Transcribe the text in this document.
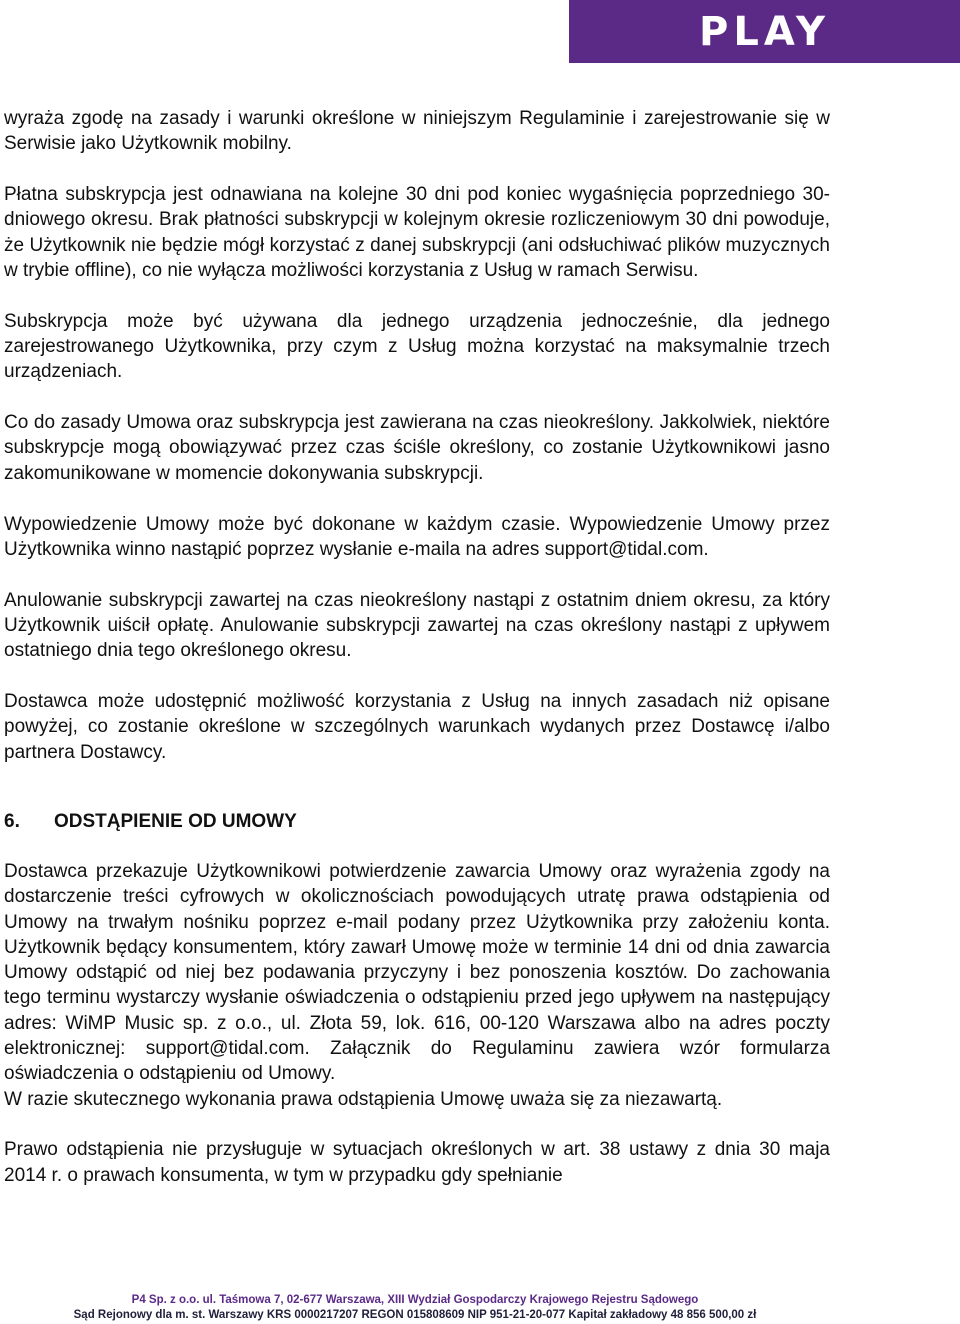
PLAY

wyraża zgodę na zasady i warunki określone w niniejszym Regulaminie i zarejestrowanie się w Serwisie jako Użytkownik mobilny.

Płatna subskrypcja jest odnawiana na kolejne 30 dni pod koniec wygaśnięcia poprzedniego 30-dniowego okresu. Brak płatności subskrypcji w kolejnym okresie rozliczeniowym 30 dni powoduje, że Użytkownik nie będzie mógł korzystać z danej subskrypcji (ani odsłuchiwać plików muzycznych w trybie offline), co nie wyłącza możliwości korzystania z Usług w ramach Serwisu.

Subskrypcja może być używana dla jednego urządzenia jednocześnie, dla jednego zarejestrowanego Użytkownika, przy czym z Usług można korzystać na maksymalnie trzech urządzeniach.

Co do zasady Umowa oraz subskrypcja jest zawierana na czas nieokreślony. Jakkolwiek, niektóre subskrypcje mogą obowiązywać przez czas ściśle określony, co zostanie Użytkownikowi jasno zakomunikowane w momencie dokonywania subskrypcji.

Wypowiedzenie Umowy może być dokonane w każdym czasie. Wypowiedzenie Umowy przez Użytkownika winno nastąpić poprzez wysłanie e-maila na adres support@tidal.com.

Anulowanie subskrypcji zawartej na czas nieokreślony nastąpi z ostatnim dniem okresu, za który Użytkownik uiścił opłatę. Anulowanie subskrypcji zawartej na czas określony nastąpi z upływem ostatniego dnia tego określonego okresu.

Dostawca może udostępnić możliwość korzystania z Usług na innych zasadach niż opisane powyżej, co zostanie określone w szczególnych warunkach wydanych przez Dostawcę i/albo partnera Dostawcy.

6.	ODSTĄPIENIE OD UMOWY

Dostawca przekazuje Użytkownikowi potwierdzenie zawarcia Umowy oraz wyrażenia zgody na dostarczenie treści cyfrowych w okolicznościach powodujących utratę prawa odstąpienia od Umowy na trwałym nośniku poprzez e-mail podany przez Użytkownika przy założeniu konta. Użytkownik będący konsumentem, który zawarł Umowę może w terminie 14 dni od dnia zawarcia Umowy odstąpić od niej bez podawania przyczyny i bez ponoszenia kosztów. Do zachowania tego terminu wystarczy wysłanie oświadczenia o odstąpieniu przed jego upływem na następujący adres: WiMP Music sp. z o.o., ul. Złota 59, lok. 616, 00-120 Warszawa albo na adres poczty elektronicznej: support@tidal.com. Załącznik do Regulaminu zawiera wzór formularza oświadczenia o odstąpieniu od Umowy.

W razie skutecznego wykonania prawa odstąpienia Umowę uważa się za niezawartą.

Prawo odstąpienia nie przysługuje w sytuacjach określonych w art. 38 ustawy z dnia 30 maja 2014 r. o prawach konsumenta, w tym w przypadku gdy spełnianie

P4 Sp. z o.o. ul. Taśmowa 7, 02-677 Warszawa, XIII Wydział Gospodarczy Krajowego Rejestru Sądowego
Sąd Rejonowy dla m. st. Warszawy KRS 0000217207 REGON 015808609 NIP 951-21-20-077 Kapitał zakładowy 48 856 500,00 zł
